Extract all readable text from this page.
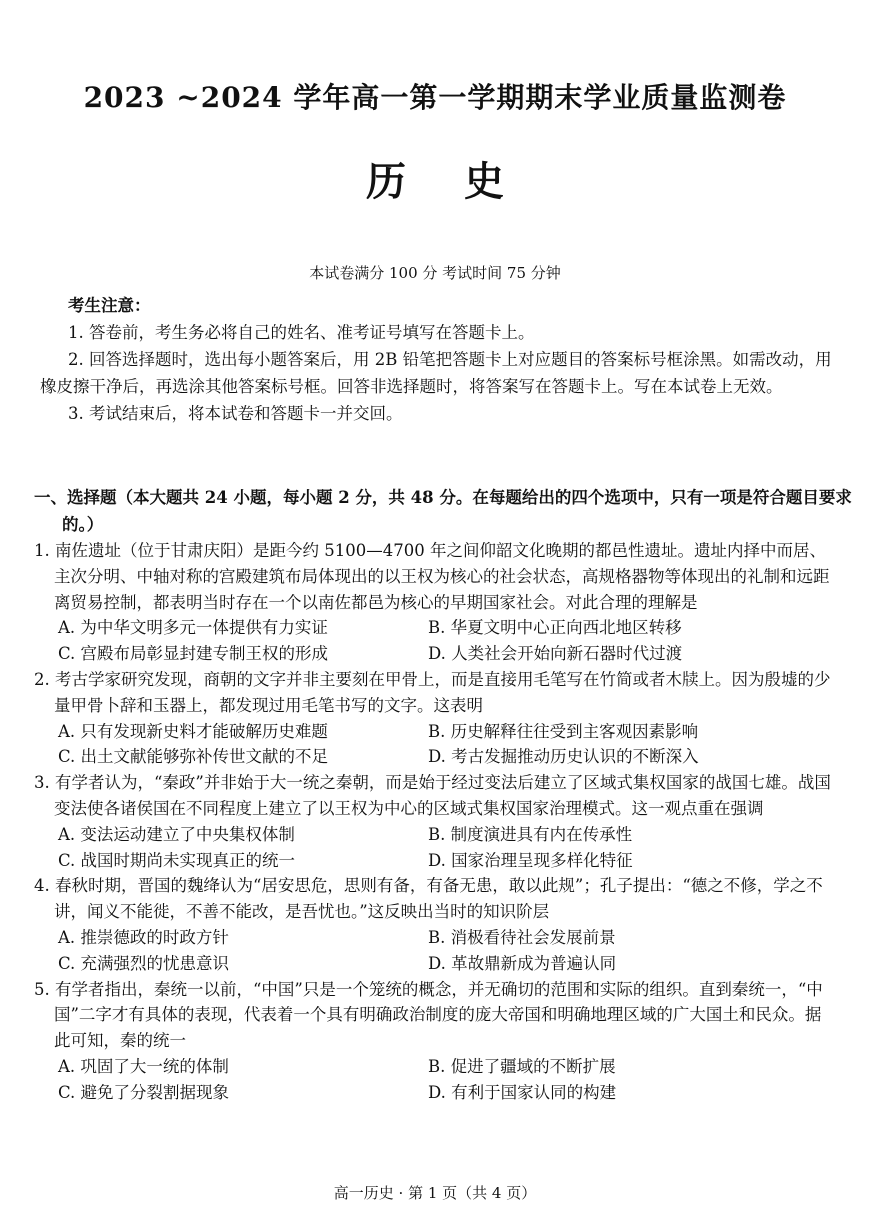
2023 ~2024 学年高一第一学期期末学业质量监测卷
历史
本试卷满分 100 分 考试时间 75 分钟
考生注意：
1. 答卷前，考生务必将自己的姓名、准考证号填写在答题卡上。
2. 回答选择题时，选出每小题答案后，用 2B 铅笔把答题卡上对应题目的答案标号框涂黑。如需改动，用橡皮擦干净后，再选涂其他答案标号框。回答非选择题时，将答案写在答题卡上。写在本试卷上无效。
3. 考试结束后，将本试卷和答题卡一并交回。
一、选择题（本大题共 24 小题，每小题 2 分，共 48 分。在每题给出的四个选项中，只有一项是符合题目要求的。）
1. 南佐遗址（位于甘肃庆阳）是距今约 5100—4700 年之间仰韶文化晚期的都邑性遗址。遗址内择中而居、主次分明、中轴对称的宫殿建筑布局体现出的以王权为核心的社会状态，高规格器物等体现出的礼制和远距离贸易控制，都表明当时存在一个以南佐都邑为核心的早期国家社会。对此合理的理解是
A. 为中华文明多元一体提供有力实证	B. 华夏文明中心正向西北地区转移
C. 宫殿布局彰显封建专制王权的形成	D. 人类社会开始向新石器时代过渡
2. 考古学家研究发现，商朝的文字并非主要刻在甲骨上，而是直接用毛笔写在竹简或者木牍上。因为殷墟的少量甲骨卜辞和玉器上，都发现过用毛笔书写的文字。这表明
A. 只有发现新史料才能破解历史难题	B. 历史解释往往受到主客观因素影响
C. 出土文献能够弥补传世文献的不足	D. 考古发掘推动历史认识的不断深入
3. 有学者认为，“秦政”并非始于大一统之秦朝，而是始于经过变法后建立了区域式集权国家的战国七雄。战国变法使各诸侯国在不同程度上建立了以王权为中心的区域式集权国家治理模式。这一观点重在强调
A. 变法运动建立了中央集权体制	B. 制度演进具有内在传承性
C. 战国时期尚未实现真正的统一	D. 国家治理呈现多样化特征
4. 春秋时期，晋国的魏绛认为“居安思危，思则有备，有备无患，敢以此规”；孔子提出：“德之不修，学之不讲，闻义不能徙，不善不能改，是吾忧也。”这反映出当时的知识阶层
A. 推崇德政的时政方针	B. 消极看待社会发展前景
C. 充满强烈的忧患意识	D. 革故鼎新成为普遍认同
5. 有学者指出，秦统一以前，“中国”只是一个笼统的概念，并无确切的范围和实际的组织。直到秦统一，“中国”二字才有具体的表现，代表着一个具有明确政治制度的庞大帝国和明确地理区域的广大国土和民众。据此可知，秦的统一
A. 巩固了大一统的体制	B. 促进了疆域的不断扩展
C. 避免了分裂割据现象	D. 有利于国家认同的构建
高一历史 · 第 1 页（共 4 页）
